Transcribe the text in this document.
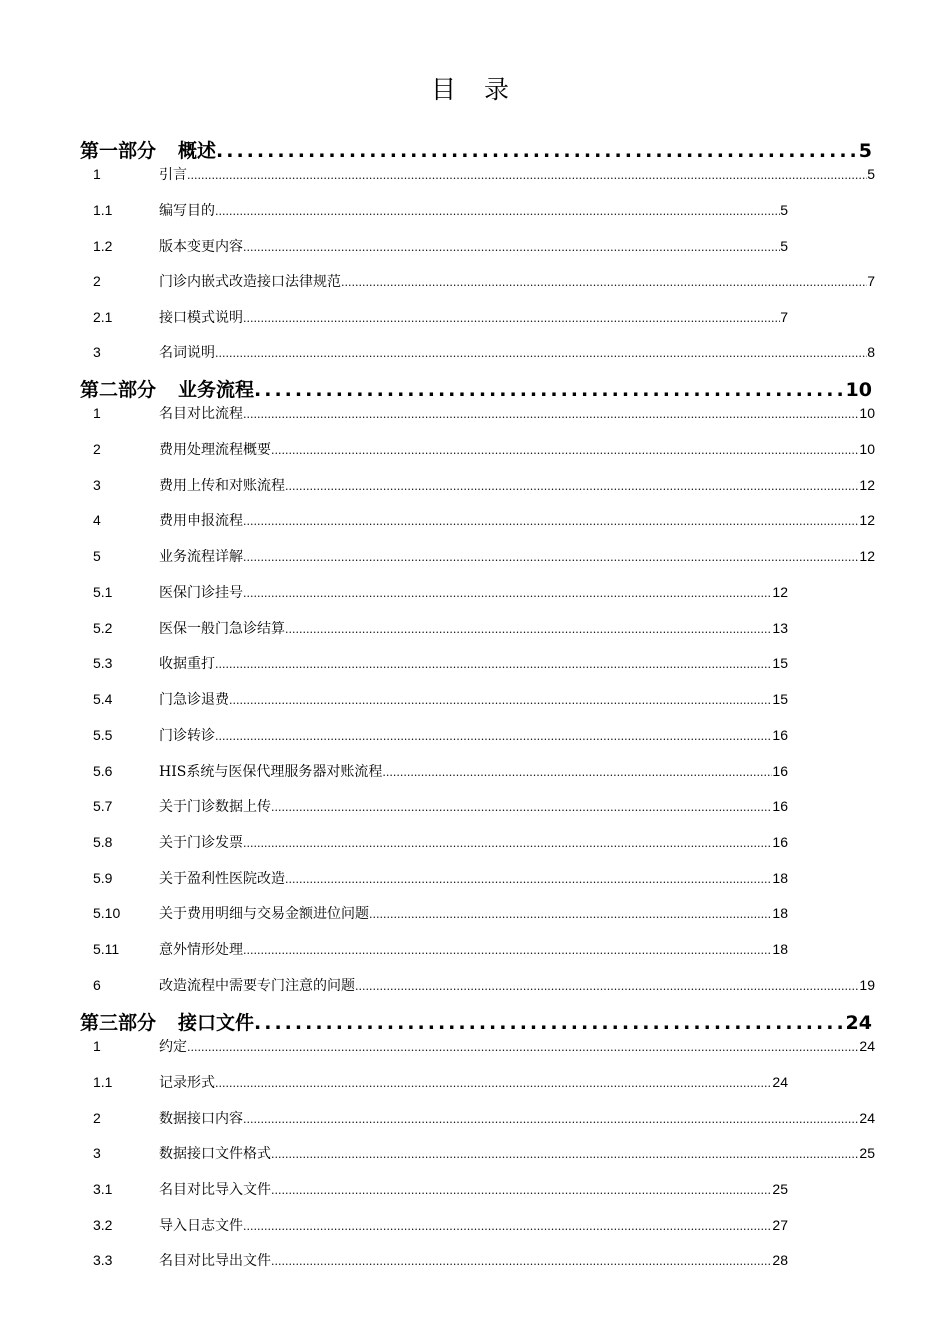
目 录
第一部分 概述 .....	5
1	引言 .....	5
1.1	编写目的 .....	5
1.2	版本变更内容 .....	5
2	门诊内嵌式改造接口法律规范 .....	7
2.1	接口模式说明 .....	7
3	名词说明 .....	8
第二部分 业务流程 .....	10
1	名目对比流程 .....	10
2	费用处理流程概要 .....	10
3	费用上传和对账流程 .....	12
4	费用申报流程 .....	12
5	业务流程详解 .....	12
5.1	医保门诊挂号 .....	12
5.2	医保一般门急诊结算 .....	13
5.3	收据重打 .....	15
5.4	门急诊退费 .....	15
5.5	门诊转诊 .....	16
5.6	HIS系统与医保代理服务器对账流程 .....	16
5.7	关于门诊数据上传 .....	16
5.8	关于门诊发票 .....	16
5.9	关于盈利性医院改造 .....	18
5.10	关于费用明细与交易金额进位问题 .....	18
5.11	意外情形处理 .....	18
6	改造流程中需要专门注意的问题 .....	19
第三部分 接口文件 .....	24
1	约定 .....	24
1.1	记录形式 .....	24
2	数据接口内容 .....	24
3	数据接口文件格式 .....	25
3.1	名目对比导入文件 .....	25
3.2	导入日志文件 .....	27
3.3	名目对比导出文件 .....	28
